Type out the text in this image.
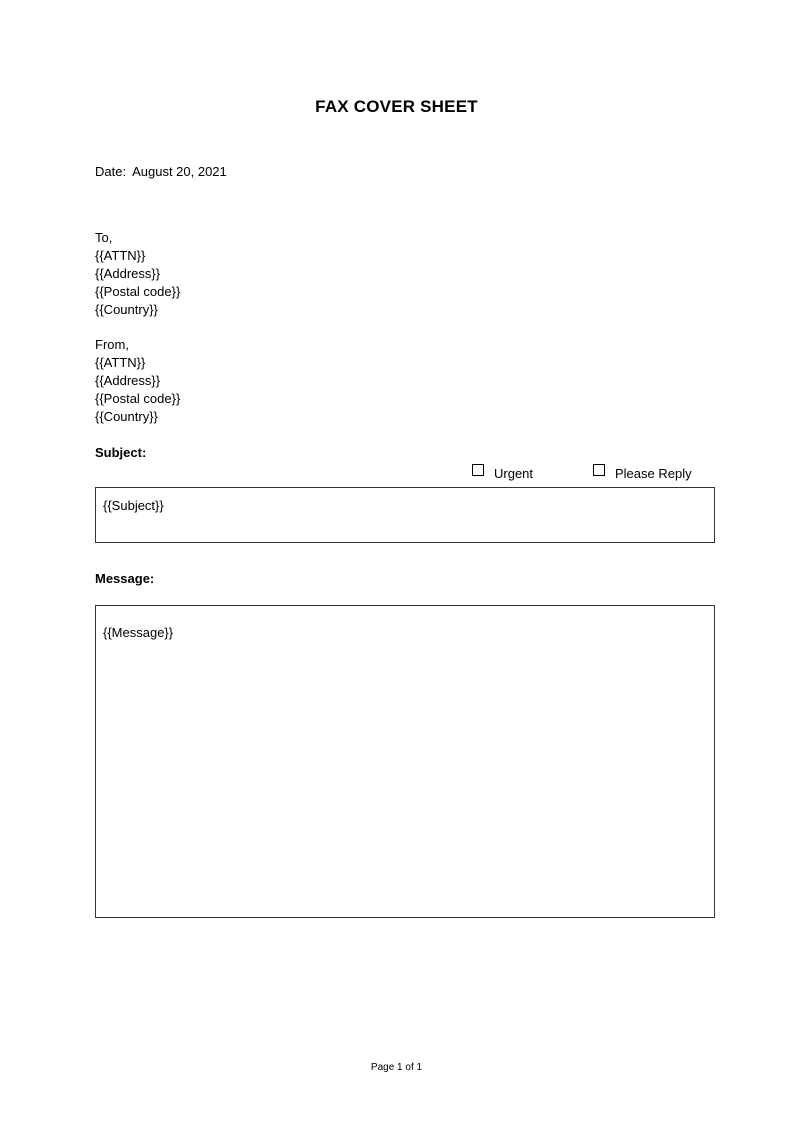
FAX COVER SHEET
Date: August 20, 2021
To,
{{ATTN}}
{{Address}}
{{Postal code}}
{{Country}}
From,
{{ATTN}}
{{Address}}
{{Postal code}}
{{Country}}
Subject:
Urgent	Please Reply
{{Subject}}
Message:
{{Message}}
Page 1 of 1
